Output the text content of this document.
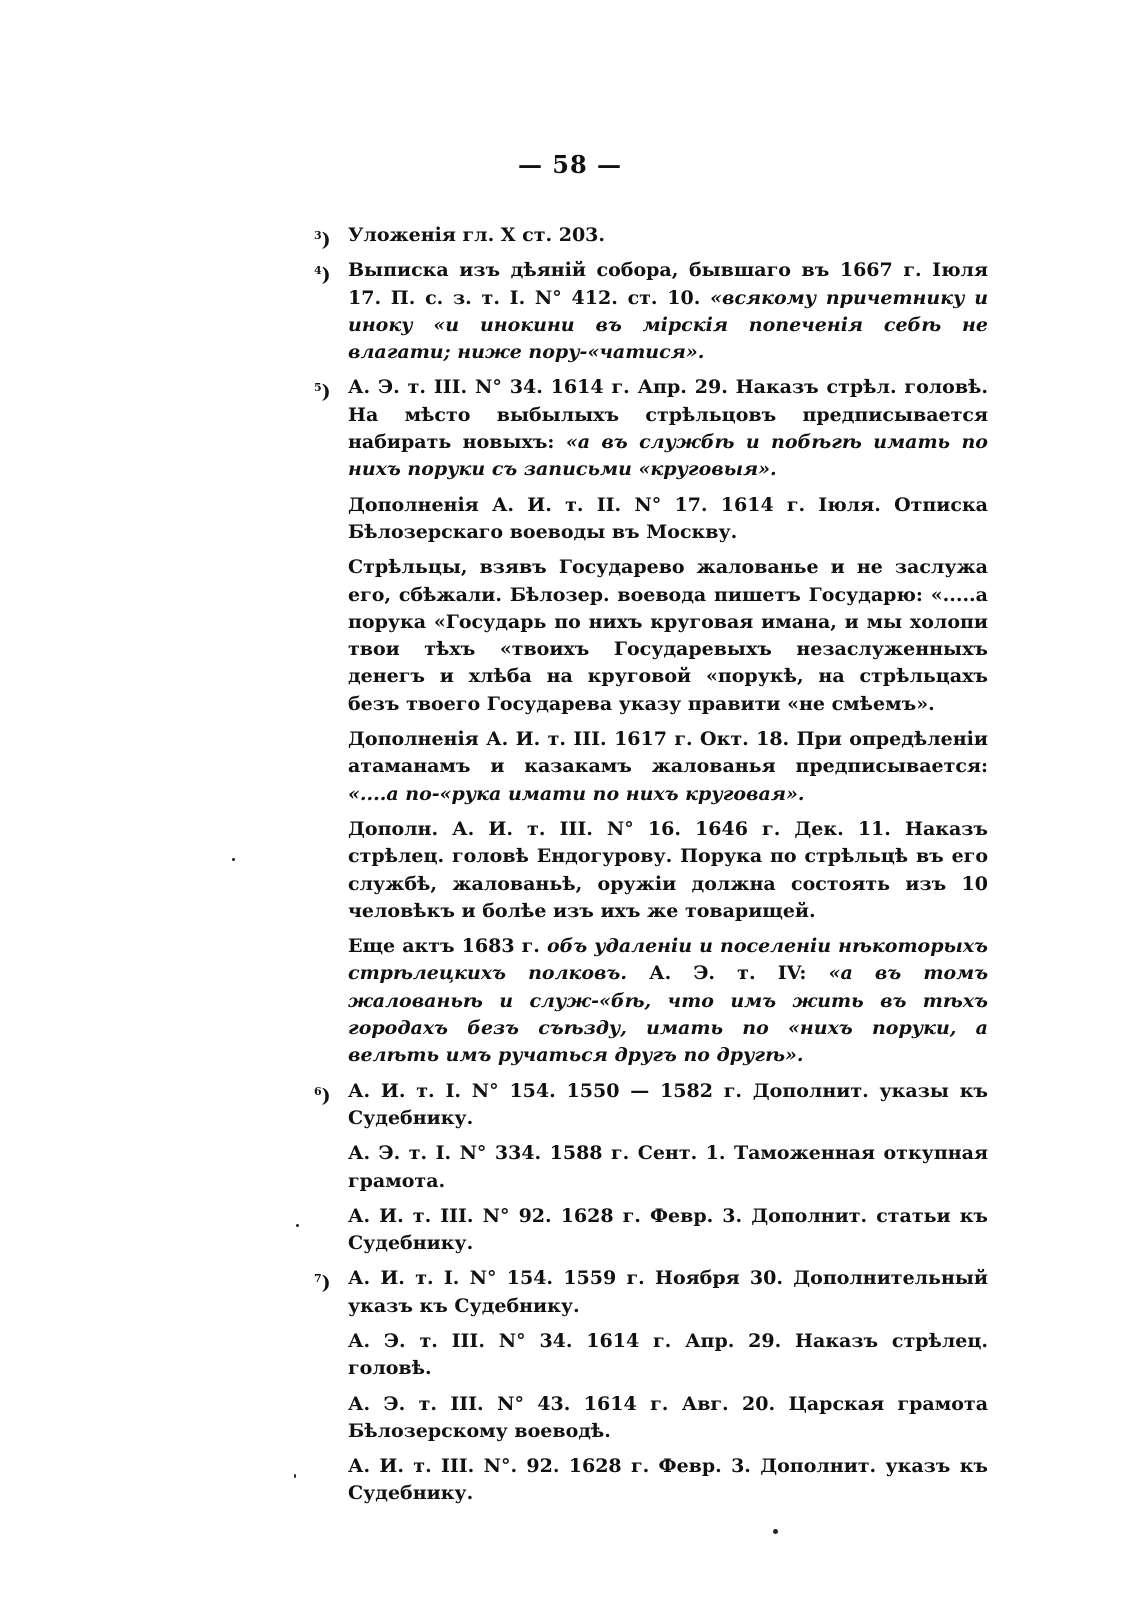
— 58 —
$^3$) Уложенія гл. X ст. 203.

$^4$) Выписка изъ дѣяній собора, бывшаго въ 1667 г. Іюля 17. П. с. з. т. І. N° 412. ст. 10. «всякому причетнику и иноку «и инокини въ мірскія попеченія себѣ не влагати; ниже пору-«чатися».

$^5$) А. Э. т. III. N° 34. 1614 г. Апр. 29. Наказъ стрѣл. головѣ. На мѣсто выбылыхъ стрѣльцовъ предписывается набирать новыхъ: «а въ службѣ и побѣгѣ имать по нихъ поруки съ записьми «круговыя».

Дополненія А. И. т. II. N° 17. 1614 г. Іюля. Отписка Бѣлозерскаго воеводы въ Москву.

Стрѣльцы, взявъ Государево жалованье и не заслужа его, сбѣжали. Бѣлозер. воевода пишетъ Государю: «.....а порука «Государь по нихъ круговая имана, и мы холопи твои тѣхъ «твоихъ Государевыхъ незаслуженныхъ денегъ и хлѣба на круговой «порукѣ, на стрѣльцахъ безъ твоего Государева указу правити «не смѣемъ».

Дополненія А. И. т. III. 1617 г. Окт. 18. При опредѣленіи атаманамъ и казакамъ жалованья предписывается: «....а по-«рука имати по нихъ круговая».

Дополн. А. И. т. III. N° 16. 1646 г. Дек. 11. Наказъ стрѣлец. головѣ Ендогурову. Порука по стрѣльцѣ въ его службѣ, жалованьѣ, оружіи должна состоять изъ 10 человѣкъ и болѣе изъ ихъ же товарищей.

Еще актъ 1683 г. объ удаленіи и поселеніи нѣкоторыхъ стрѣлецкихъ полковъ. А. Э. т. IV: «а въ томъ жалованьѣ и служ-«бѣ, что имъ жить въ тѣхъ городахъ безъ съѣзду, имать по «нихъ поруки, а велѣть имъ ручаться другъ по другѣ».

$^6$) А. И. т. I. N° 154. 1550 — 1582 г. Дополнит. указы къ Судебнику.

А. Э. т. I. N° 334. 1588 г. Сент. 1. Таможенная откупная грамота.

А. И. т. III. N° 92. 1628 г. Февр. 3. Дополнит. статьи къ Судебнику.

$^7$) А. И. т. I. N° 154. 1559 г. Ноября 30. Дополнительный указъ къ Судебнику.

А. Э. т. III. N° 34. 1614 г. Апр. 29. Наказъ стрѣлец. головѣ.

А. Э. т. III. N° 43. 1614 г. Авг. 20. Царская грамота Бѣлозерскому воеводѣ.

А. И. т. III. N°. 92. 1628 г. Февр. 3. Дополнит. указъ къ Судебнику.
